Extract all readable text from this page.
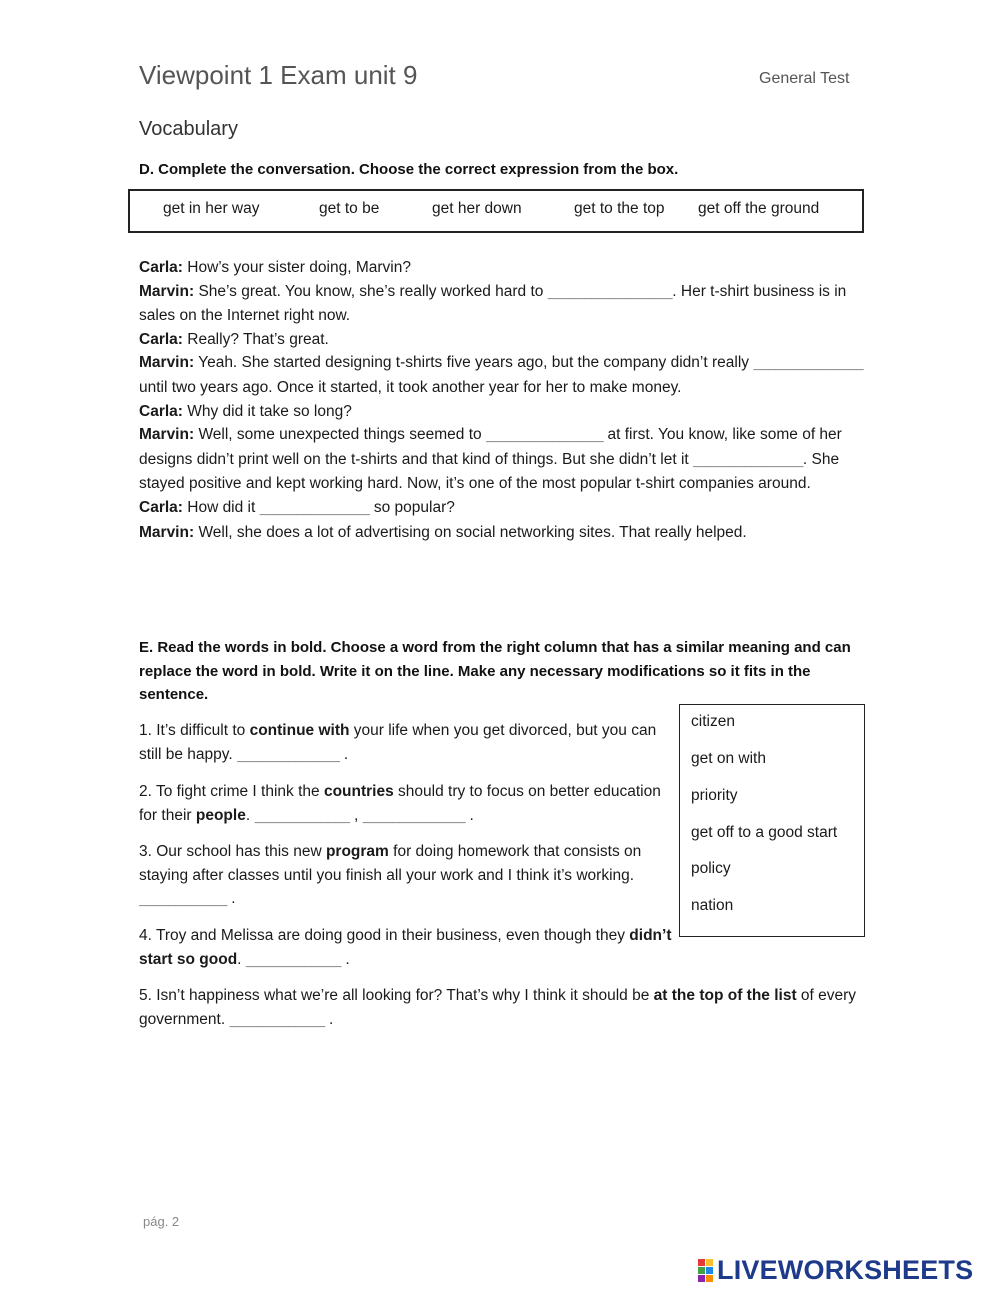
Viewpoint 1 Exam unit 9	General Test
Vocabulary
D. Complete the conversation. Choose the correct expression from the box.
get in her way	get to be	get her down	get to the top get off the ground

Carla: How’s your sister doing, Marvin?

Marvin: She’s great. You know, she’s really worked hard to _________________. Her t-shirt business is in sales on the Internet right now.

Carla: Really? That’s great.

Marvin: Yeah. She started designing t-shirts five years ago, but the company didn’t really _______________ until two years ago. Once it started, it took another year for her to make money.

Carla: Why did it take so long?

Marvin: Well, some unexpected things seemed to ________________ at first. You know, like some of her designs didn’t print well on the t-shirts and that kind of things. But she didn’t let it _______________. She stayed positive and kept working hard. Now, it’s one of the most popular t-shirt companies around.

Carla: How did it _______________ so popular?

Marvin: Well, she does a lot of advertising on social networking sites. That really helped.

E. Read the words in bold. Choose a word from the right column that has a similar meaning and can replace the word in bold. Write it on the line. Make any necessary modifications so it fits in the sentence.
1. It’s difficult to continue with your life when you get divorced, but you can still be happy. ______________ .
2. To fight crime I think the countries should try to focus on better education for their people. _____________ , ______________ .
3. Our school has this new program for doing homework that consists on staying after classes until you finish all your work and I think it’s working. ____________ .
4. Troy and Melissa are doing good in their business, even though they didn’t start so good. _____________ .
5. Isn’t happiness what we’re all looking for? That’s why I think it should be at the top of the list of every government. _____________ .
citizen
get on with
priority
get off to a good start
policy
nation
pág. 2
LIVEWORKSHEETS
